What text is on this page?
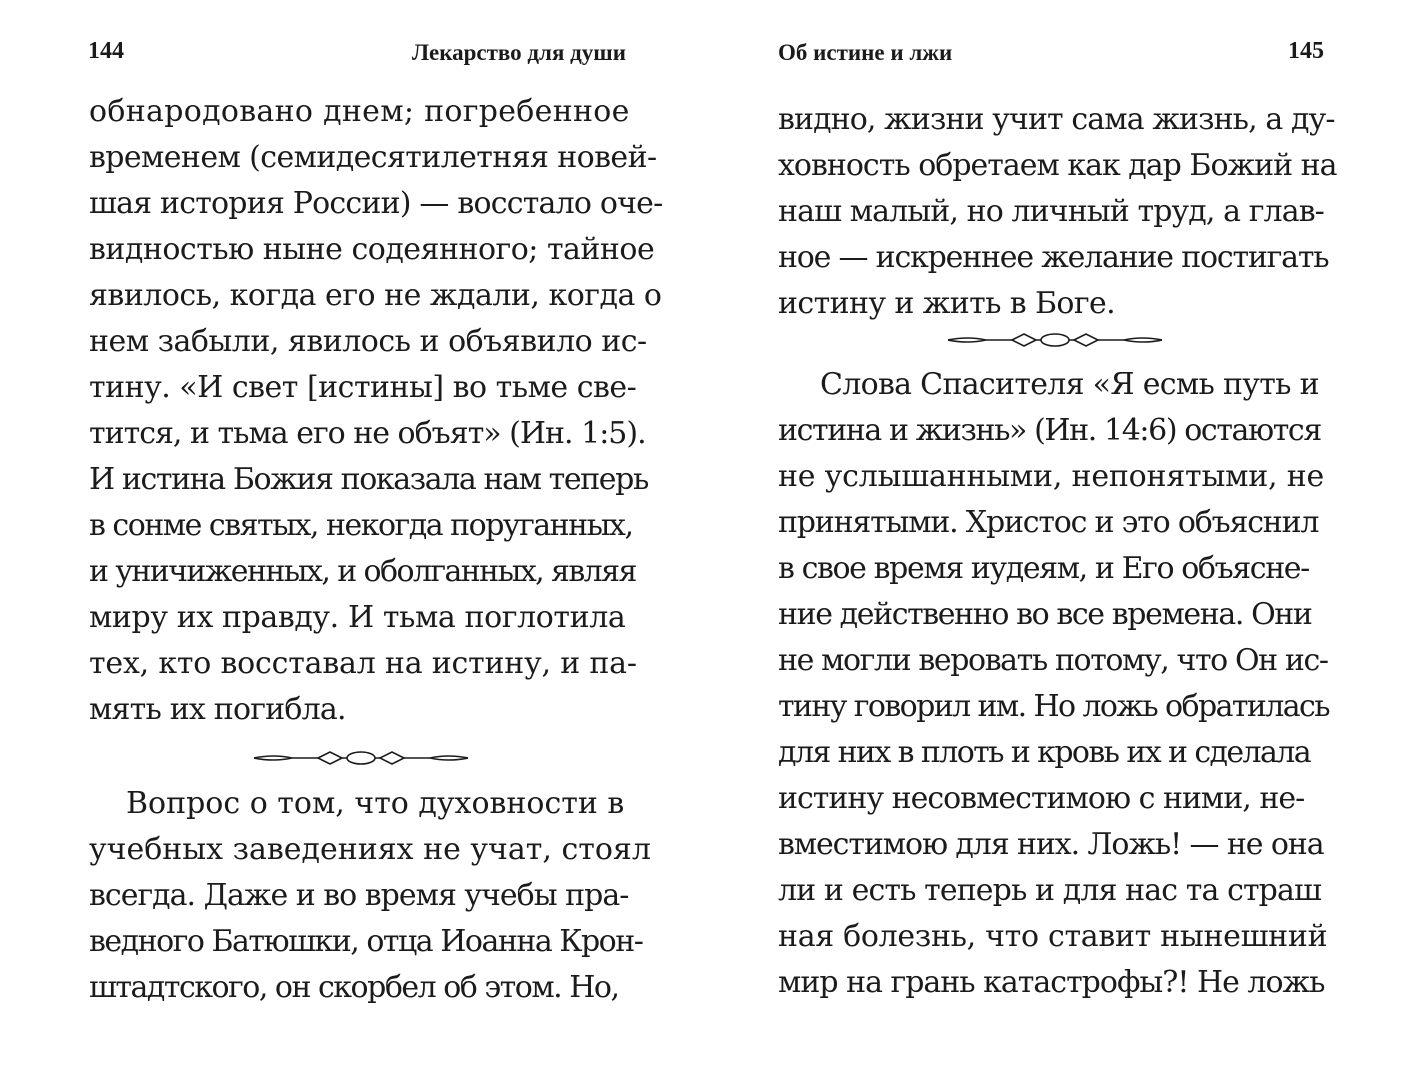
144	Лекарство для души
обнародовано днем; погребенное
временем (семидесятилетняя новей-
шая история России) — восстало оче-
видностью ныне содеянного; тайное
явилось, когда его не ждали, когда о
нем забыли, явилось и объявило ис-
тину. «И свет [истины] во тьме све-
тится, и тьма его не объят» (Ин. 1:5).
И истина Божия показала нам теперь
в сонме святых, некогда поруганных,
и уничиженных, и оболганных, являя
миру их правду. И тьма поглотила
тех, кто восставал на истину, и па-
мять их погибла.
Вопрос о том, что духовности в
учебных заведениях не учат, стоял
всегда. Даже и во время учебы пра-
ведного Батюшки, отца Иоанна Крон-
штадтского, он скорбел об этом. Но,
Об истине и лжи	145
видно, жизни учит сама жизнь, а ду-
ховность обретаем как дар Божий на
наш малый, но личный труд, а глав-
ное — искреннее желание постигать
истину и жить в Боге.
Слова Спасителя «Я есмь путь и
истина и жизнь» (Ин. 14:6) остаются
не услышанными, непонятыми, не
принятыми. Христос и это объяснил
в свое время иудеям, и Его объясне-
ние действенно во все времена. Они
не могли веровать потому, что Он ис-
тину говорил им. Но ложь обратилась
для них в плоть и кровь их и сделала
истину несовместимою с ними, не-
вместимою для них. Ложь! — не она
ли и есть теперь и для нас та страш
ная болезнь, что ставит нынешний
мир на грань катастрофы?! Не ложь
